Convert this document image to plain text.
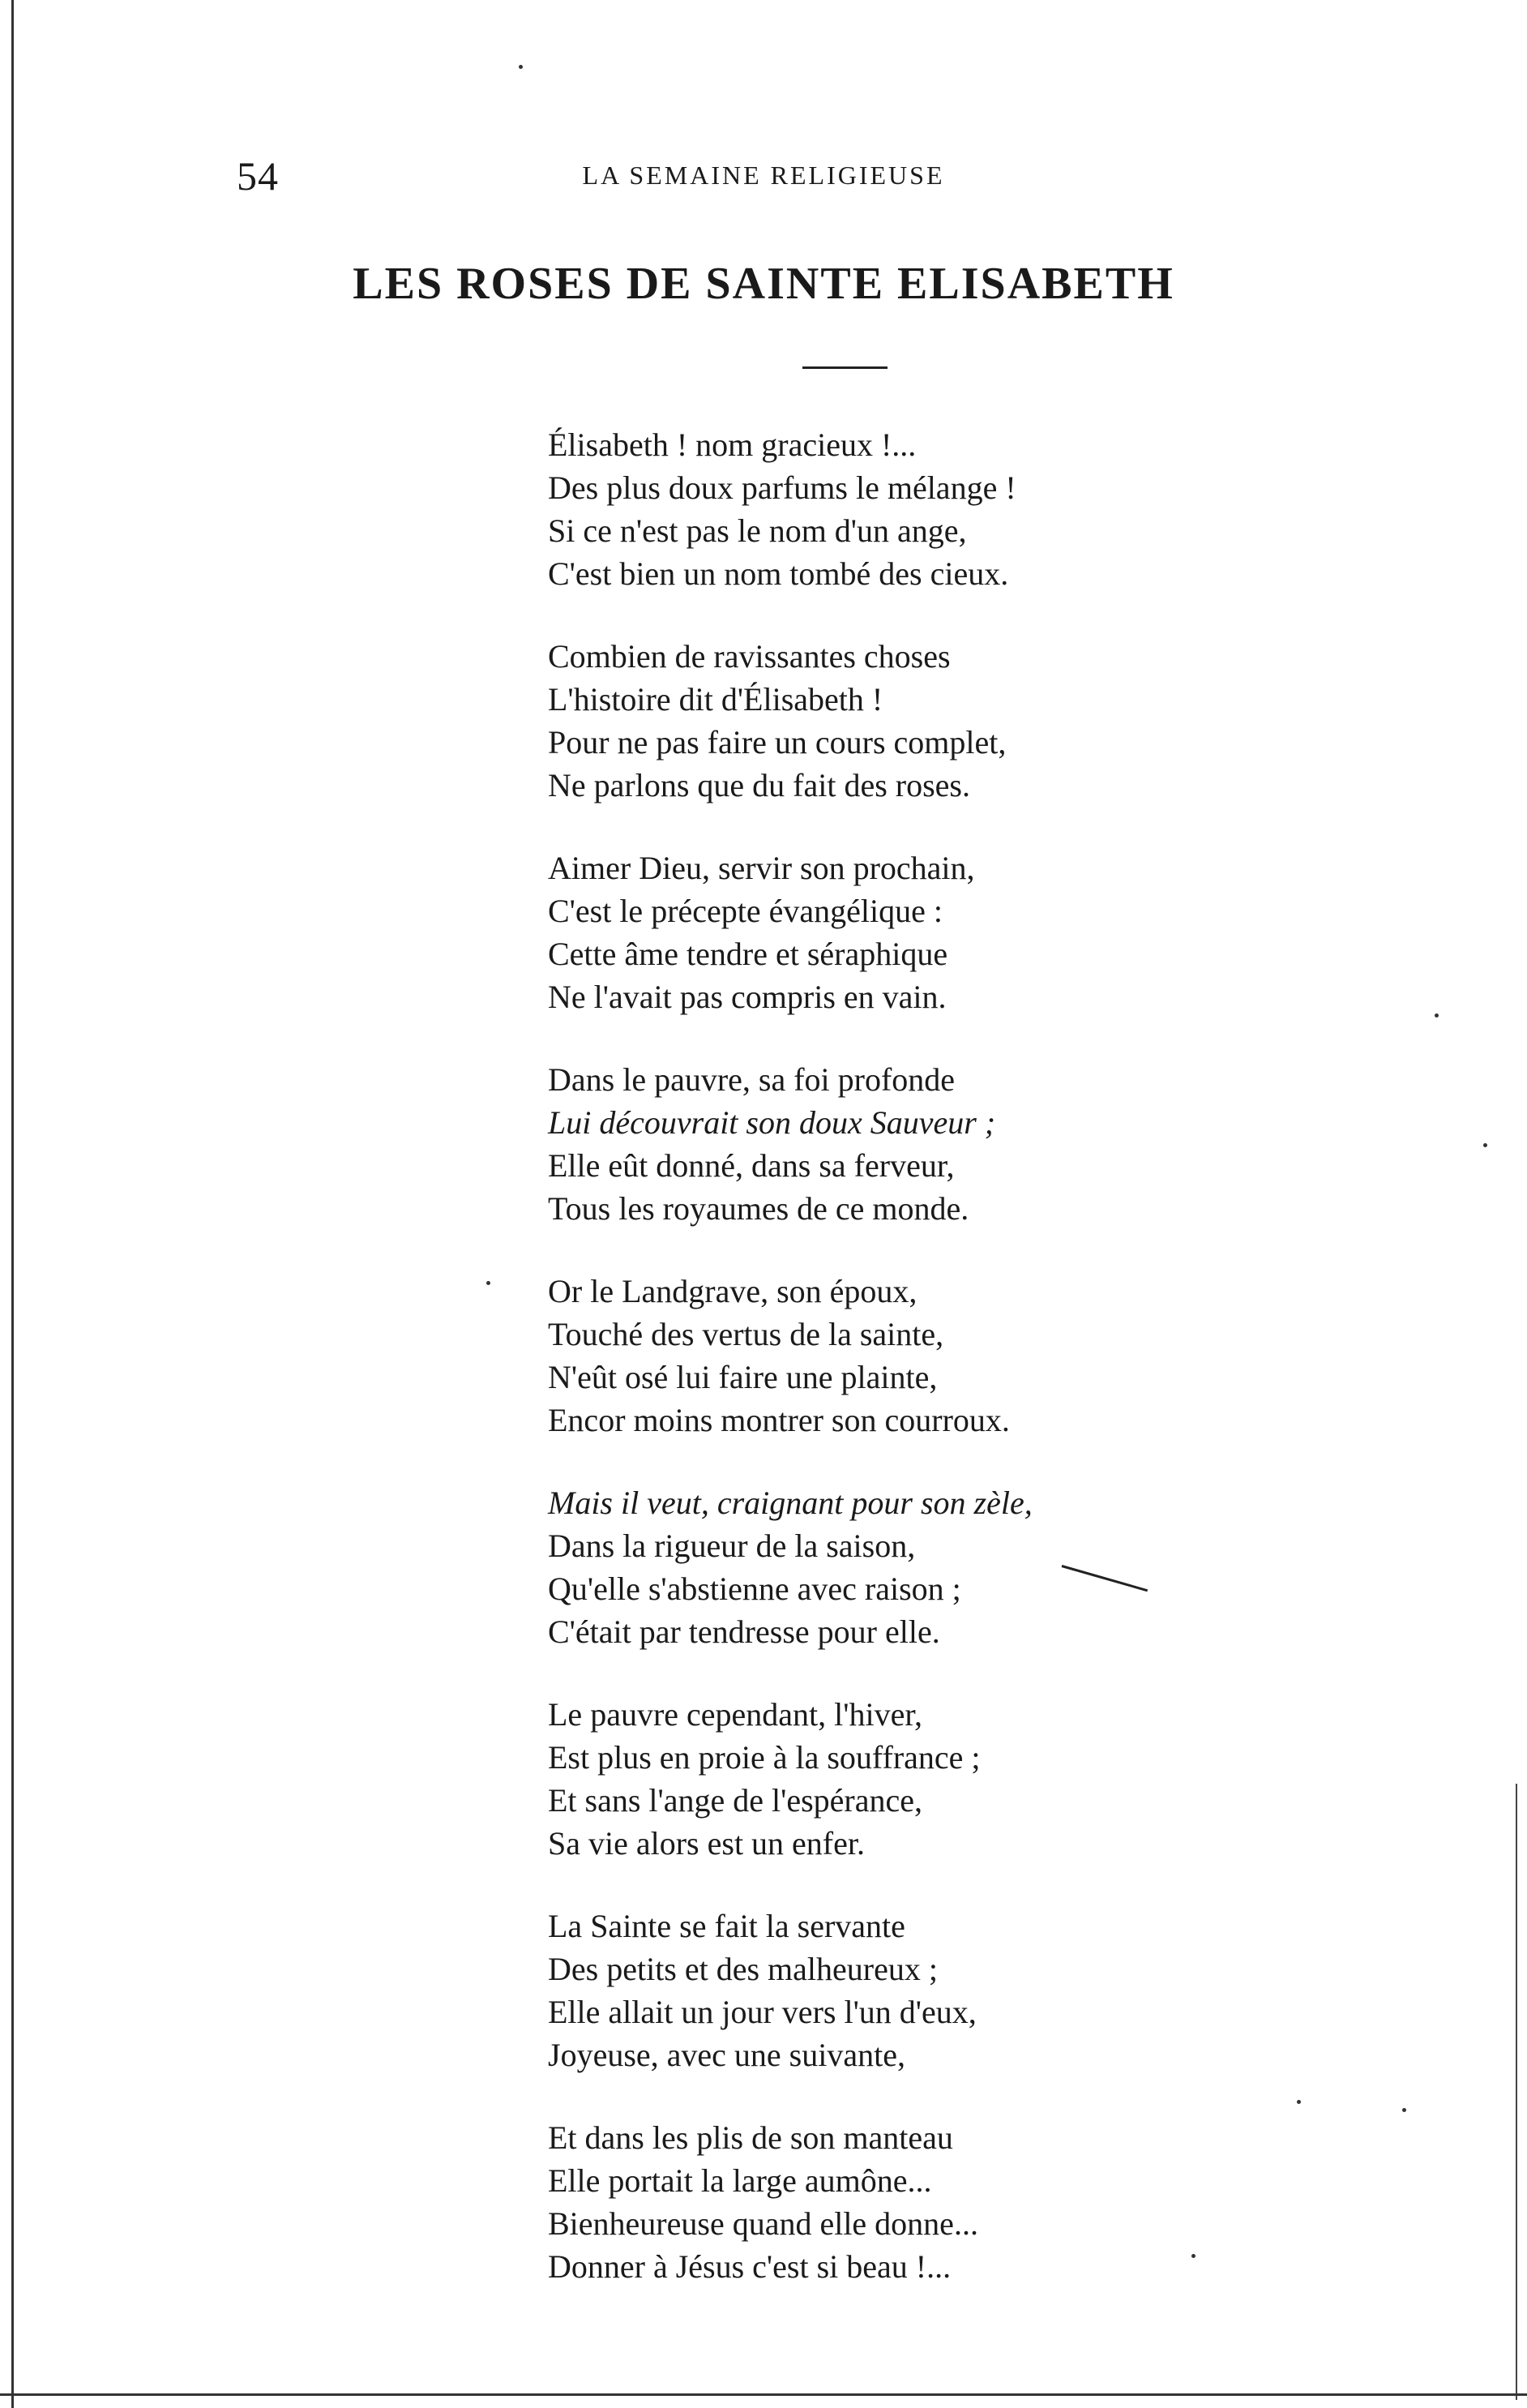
54	LA SEMAINE RELIGIEUSE
LES ROSES DE SAINTE ELISABETH
Élisabeth ! nom gracieux !...
Des plus doux parfums le mélange !
Si ce n'est pas le nom d'un ange,
C'est bien un nom tombé des cieux.
Combien de ravissantes choses
L'histoire dit d'Élisabeth !
Pour ne pas faire un cours complet,
Ne parlons que du fait des roses.
Aimer Dieu, servir son prochain,
C'est le précepte évangélique :
Cette âme tendre et séraphique
Ne l'avait pas compris en vain.
Dans le pauvre, sa foi profonde
Lui découvrait son doux Sauveur ;
Elle eût donné, dans sa ferveur,
Tous les royaumes de ce monde.
Or le Landgrave, son époux,
Touché des vertus de la sainte,
N'eût osé lui faire une plainte,
Encor moins montrer son courroux.
Mais il veut, craignant pour son zèle,
Dans la rigueur de la saison,
Qu'elle s'abstienne avec raison ;
C'était par tendresse pour elle.
Le pauvre cependant, l'hiver,
Est plus en proie à la souffrance ;
Et sans l'ange de l'espérance,
Sa vie alors est un enfer.
La Sainte se fait la servante
Des petits et des malheureux ;
Elle allait un jour vers l'un d'eux,
Joyeuse, avec une suivante,
Et dans les plis de son manteau
Elle portait la large aumône...
Bienheureuse quand elle donne...
Donner à Jésus c'est si beau !...
